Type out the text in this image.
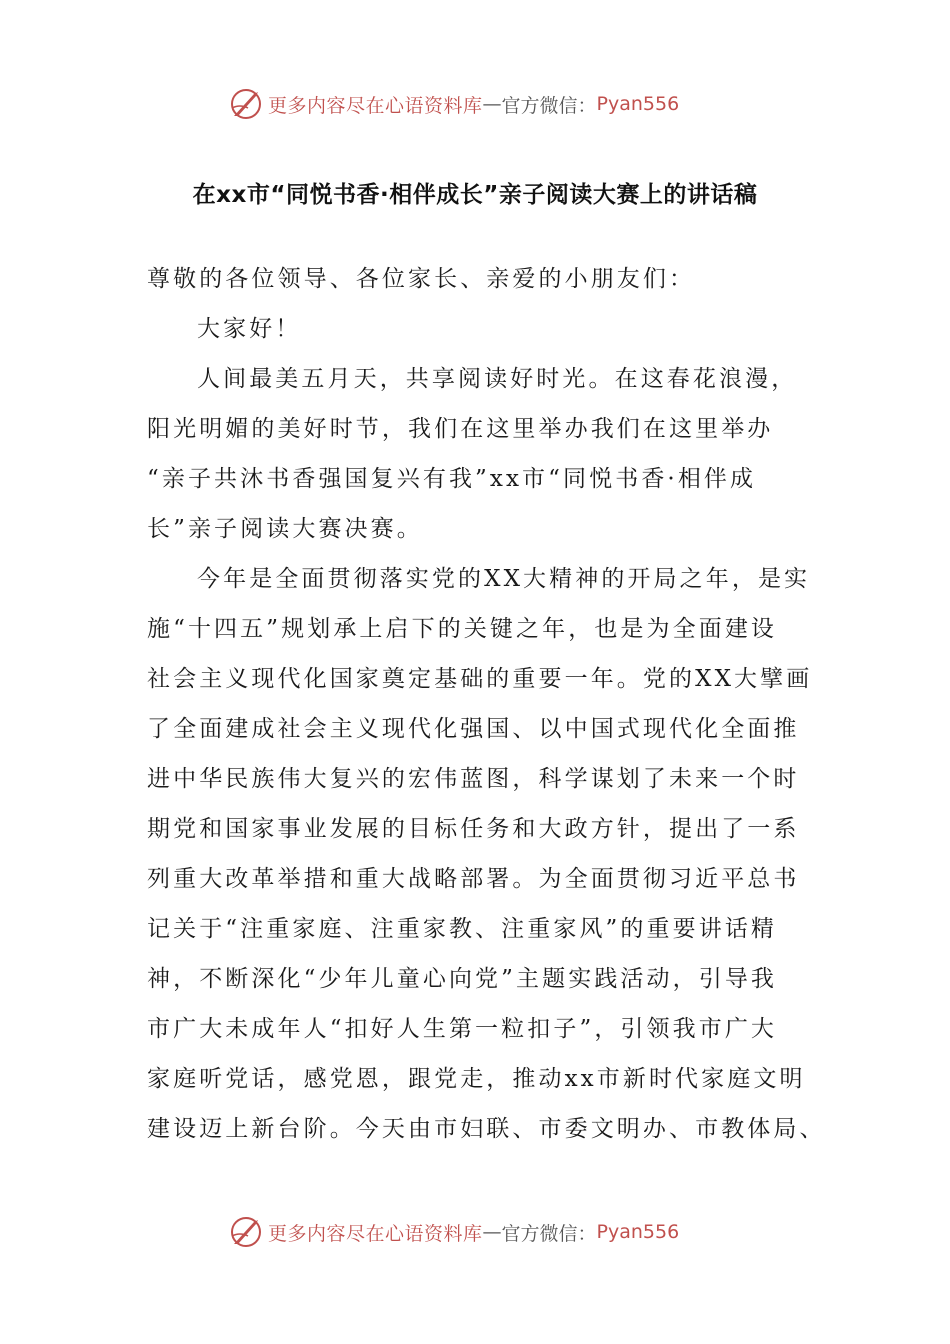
更多内容尽在心语资料库 — 官方微信： Pyan556
在xx市“同悦书香·相伴成长”亲子阅读大赛上的讲话稿
尊敬的各位领导、各位家长、亲爱的小朋友们：
大家好！
人间最美五月天，共享阅读好时光。在这春花浪漫，
阳光明媚的美好时节，我们在这里举办我们在这里举办
“亲子共沐书香强国复兴有我”xx市“同悦书香·相伴成
长”亲子阅读大赛决赛。
今年是全面贯彻落实党的XX大精神的开局之年，是实
施“十四五”规划承上启下的关键之年，也是为全面建设
社会主义现代化国家奠定基础的重要一年。党的XX大擘画
了全面建成社会主义现代化强国、以中国式现代化全面推
进中华民族伟大复兴的宏伟蓝图，科学谋划了未来一个时
期党和国家事业发展的目标任务和大政方针，提出了一系
列重大改革举措和重大战略部署。为全面贯彻习近平总书
记关于“注重家庭、注重家教、注重家风”的重要讲话精
神，不断深化“少年儿童心向党”主题实践活动，引导我
市广大未成年人“扣好人生第一粒扣子”，引领我市广大
家庭听党话，感党恩，跟党走，推动xx市新时代家庭文明
建设迈上新台阶。今天由市妇联、市委文明办、市教体局、
更多内容尽在心语资料库 — 官方微信： Pyan556
